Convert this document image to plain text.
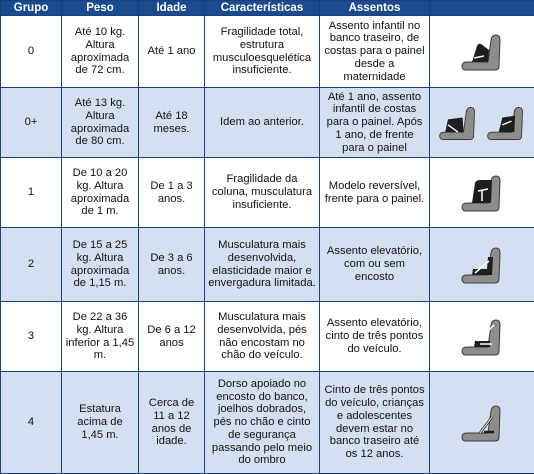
Grupo	Peso	Idade	Características	Assentos	
0	Até 10 kg. Altura aproximada de 72 cm.	Até 1 ano	Fragilidade total, estrutura musculoesquelética insuficiente.	Assento infantil no banco traseiro, de costas para o painel desde a maternidade	

0+	Até 13 kg. Altura aproximada de 80 cm.	Até 18 meses.	Idem ao anterior.	Até 1 ano, assento infantil de costas para o painel. Após 1 ano, de frente para o painel	
1	De 10 a 20 kg. Altura aproximada de 1 m.	De 1 a 3 anos.	Fragilidade da coluna, musculatura insuficiente.	Modelo reversível, frente para o painel.	

2	De 15 a 25 kg. Altura aproximada de 1,15 m.	De 3 a 6 anos.	Musculatura mais desenvolvida, elasticidade maior e envergadura limitada.	Assento elevatório, com ou sem encosto	

3	De 22 a 36 kg. Altura inferior a 1,45 m.	De 6 a 12 anos	Musculatura mais desenvolvida, pés não encostam no chão do veículo.	Assento elevatório, cinto de três pontos do veículo.	

4	Estatura acima de 1,45 m.	Cerca de 11 a 12 anos de idade.	Dorso apoiado no encosto do banco, joelhos dobrados, pés no chão e cinto de segurança passando pelo meio do ombro	Cinto de três pontos do veículo, crianças e adolescentes devem estar no banco traseiro até os 12 anos.	
